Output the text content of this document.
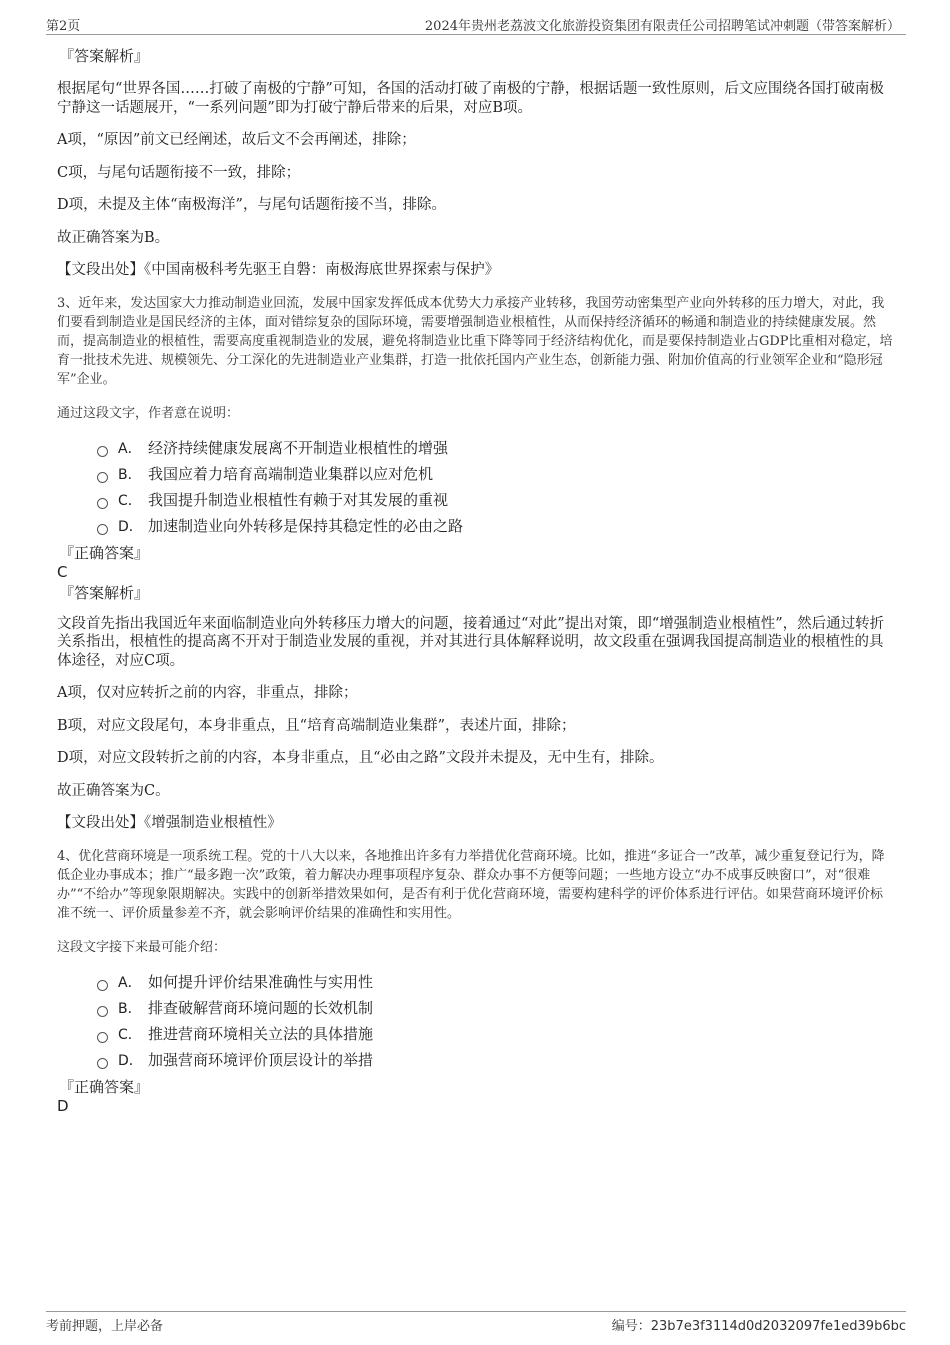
第2页	2024年贵州老荔波文化旅游投资集团有限责任公司招聘笔试冲刺题（带答案解析）

『答案解析』

根据尾句“世界各国……打破了南极的宁静”可知，各国的活动打破了南极的宁静，根据话题一致性原则，后文应围绕各国打破南极宁静这一话题展开，“一系列问题”即为打破宁静后带来的后果，对应B项。

A项，“原因”前文已经阐述，故后文不会再阐述，排除；

C项，与尾句话题衔接不一致，排除；

D项，未提及主体“南极海洋”，与尾句话题衔接不当，排除。

故正确答案为B。

【文段出处】《中国南极科考先驱王自磐：南极海底世界探索与保护》

3、近年来，发达国家大力推动制造业回流，发展中国家发挥低成本优势大力承接产业转移，我国劳动密集型产业向外转移的压力增大，对此，我们要看到制造业是国民经济的主体，面对错综复杂的国际环境，需要增强制造业根植性，从而保持经济循环的畅通和制造业的持续健康发展。然而，提高制造业的根植性，需要高度重视制造业的发展，避免将制造业比重下降等同于经济结构优化，而是要保持制造业占GDP比重相对稳定，培育一批技术先进、规模领先、分工深化的先进制造业产业集群，打造一批依托国内产业生态，创新能力强、附加价值高的行业领军企业和“隐形冠军”企业。

通过这段文字，作者意在说明：

A． 经济持续健康发展离不开制造业根植性的增强
B． 我国应着力培育高端制造业集群以应对危机
C． 我国提升制造业根植性有赖于对其发展的重视
D． 加速制造业向外转移是保持其稳定性的必由之路

『正确答案』

C

『答案解析』

文段首先指出我国近年来面临制造业向外转移压力增大的问题，接着通过“对此”提出对策，即“增强制造业根植性”，然后通过转折关系指出，根植性的提高离不开对于制造业发展的重视，并对其进行具体解释说明，故文段重在强调我国提高制造业的根植性的具体途径，对应C项。

A项，仅对应转折之前的内容，非重点，排除；

B项，对应文段尾句，本身非重点，且“培育高端制造业集群”，表述片面，排除；

D项，对应文段转折之前的内容，本身非重点，且“必由之路”文段并未提及，无中生有，排除。

故正确答案为C。

【文段出处】《增强制造业根植性》

4、优化营商环境是一项系统工程。党的十八大以来，各地推出许多有力举措优化营商环境。比如，推进“多证合一”改革，减少重复登记行为，降低企业办事成本；推广“最多跑一次”政策，着力解决办理事项程序复杂、群众办事不方便等问题；一些地方设立“办不成事反映窗口”，对“很难办”“不给办”等现象限期解决。实践中的创新举措效果如何，是否有利于优化营商环境，需要构建科学的评价体系进行评估。如果营商环境评价标准不统一、评价质量参差不齐，就会影响评价结果的准确性和实用性。

这段文字接下来最可能介绍：

A． 如何提升评价结果准确性与实用性
B． 排查破解营商环境问题的长效机制
C． 推进营商环境相关立法的具体措施
D． 加强营商环境评价顶层设计的举措

『正确答案』

D

考前押题，上岸必备	编号：23b7e3f3114d0d2032097fe1ed39b6bc
